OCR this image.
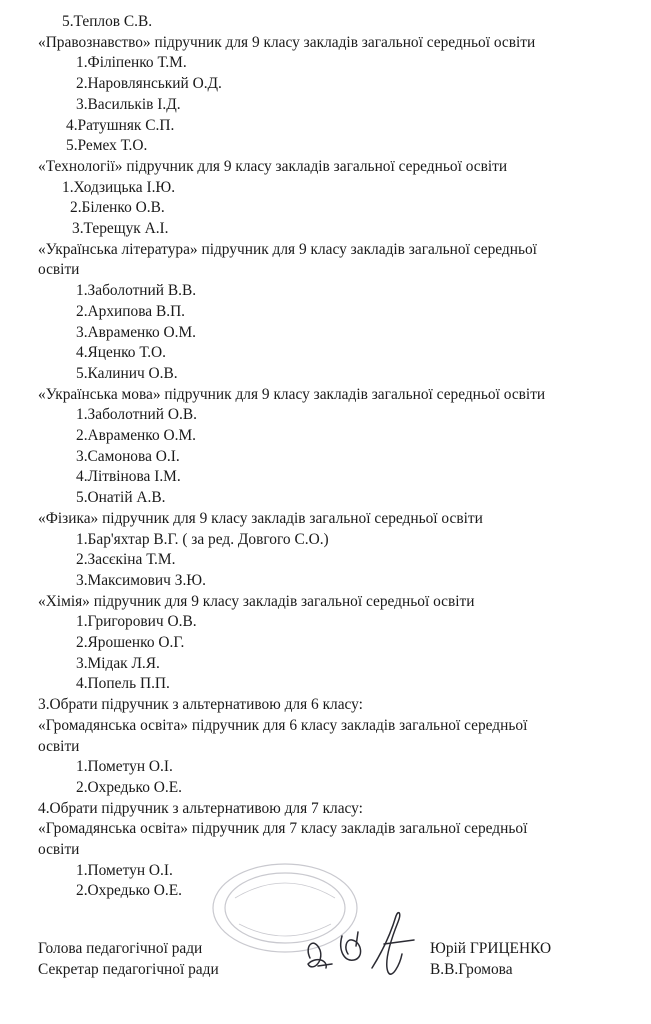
5.Теплов С.В.
«Правознавство» підручник для 9 класу закладів загальної середньої освіти
1.Філіпенко Т.М.
2.Наровлянський О.Д.
3.Васильків І.Д.
4.Ратушняк С.П.
5.Ремех Т.О.
«Технології» підручник для 9 класу закладів загальної середньої освіти
1.Ходзицька І.Ю.
2.Біленко О.В.
3.Терещук А.І.
«Українська література» підручник для 9 класу закладів загальної середньої
освіти
1.Заболотний В.В.
2.Архипова В.П.
3.Авраменко О.М.
4.Яценко Т.О.
5.Калинич О.В.
«Українська мова» підручник для 9 класу закладів загальної середньої освіти
1.Заболотний О.В.
2.Авраменко О.М.
3.Самонова О.І.
4.Літвінова І.М.
5.Онатій А.В.
«Фізика» підручник для 9 класу закладів загальної середньої освіти
1.Бар'яхтар В.Г. ( за ред. Довгого С.О.)
2.Засєкіна Т.М.
3.Максимович З.Ю.
«Хімія» підручник для 9 класу закладів загальної середньої освіти
1.Григорович О.В.
2.Ярошенко О.Г.
3.Мідак Л.Я.
4.Попель П.П.
3.Обрати підручник з альтернативою для 6 класу:
«Громадянська освіта» підручник для 6 класу закладів загальної середньої
освіти
1.Пометун О.І.
2.Охредько О.Е.
4.Обрати підручник з альтернативою для 7 класу:
«Громадянська освіта» підручник для 7 класу закладів загальної середньої
освіти
1.Пометун О.І.
2.Охредько О.Е.
Голова педагогічної ради	Юрій ГРИЦЕНКО
Секретар педагогічної ради	В.В.Громова
